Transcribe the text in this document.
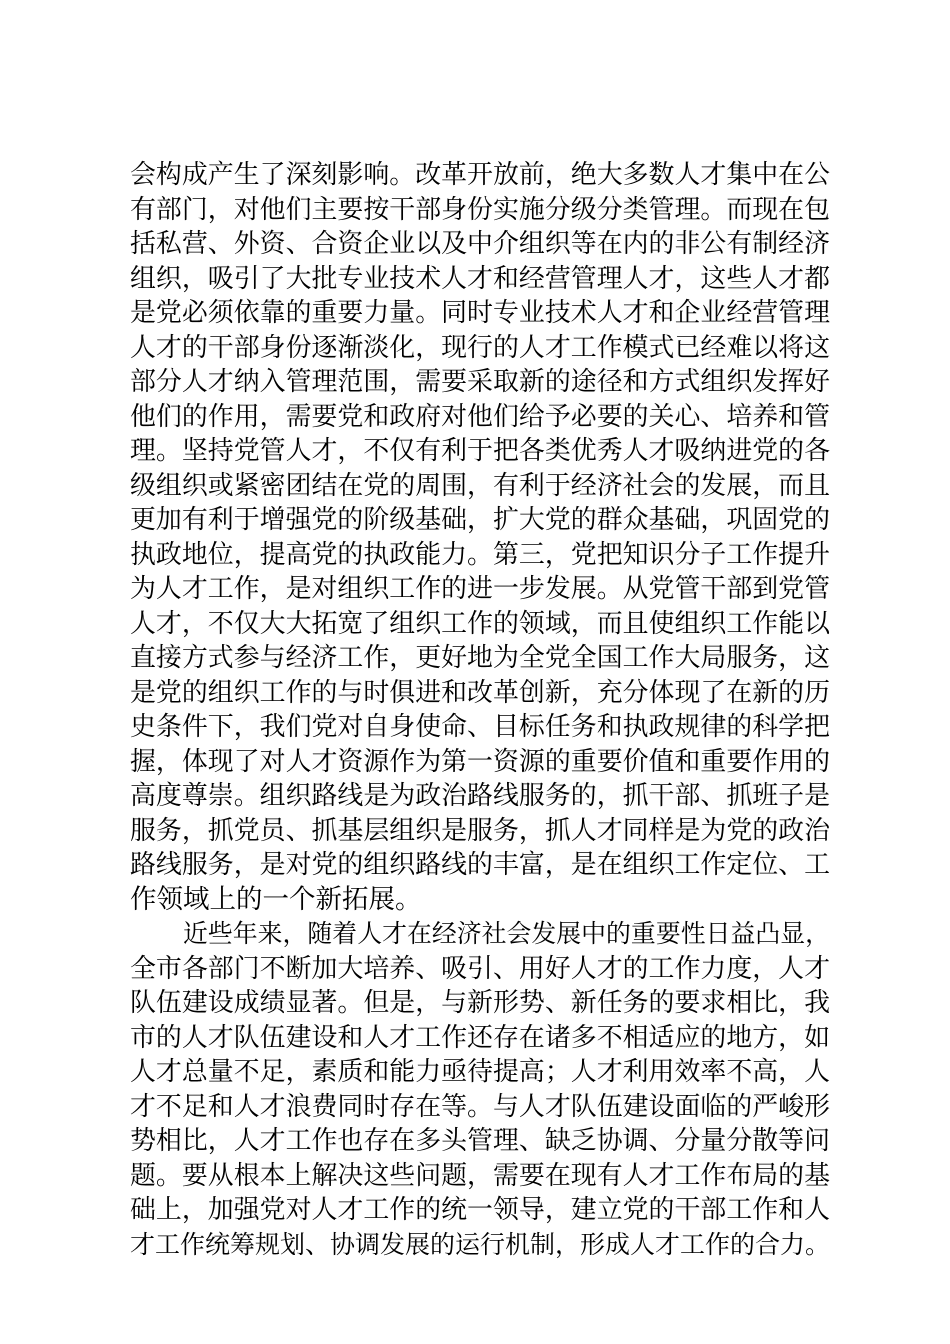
会构成产生了深刻影响。改革开放前，绝大多数人才集中在公
有部门，对他们主要按干部身份实施分级分类管理。而现在包
括私营、外资、合资企业以及中介组织等在内的非公有制经济
组织，吸引了大批专业技术人才和经营管理人才，这些人才都
是党必须依靠的重要力量。同时专业技术人才和企业经营管理
人才的干部身份逐渐淡化，现行的人才工作模式已经难以将这
部分人才纳入管理范围，需要采取新的途径和方式组织发挥好
他们的作用，需要党和政府对他们给予必要的关心、培养和管
理。坚持党管人才，不仅有利于把各类优秀人才吸纳进党的各
级组织或紧密团结在党的周围，有利于经济社会的发展，而且
更加有利于增强党的阶级基础，扩大党的群众基础，巩固党的
执政地位，提高党的执政能力。第三，党把知识分子工作提升
为人才工作，是对组织工作的进一步发展。从党管干部到党管
人才，不仅大大拓宽了组织工作的领域，而且使组织工作能以
直接方式参与经济工作，更好地为全党全国工作大局服务，这
是党的组织工作的与时俱进和改革创新，充分体现了在新的历
史条件下，我们党对自身使命、目标任务和执政规律的科学把
握，体现了对人才资源作为第一资源的重要价值和重要作用的
高度尊崇。组织路线是为政治路线服务的，抓干部、抓班子是
服务，抓党员、抓基层组织是服务，抓人才同样是为党的政治
路线服务，是对党的组织路线的丰富，是在组织工作定位、工
作领域上的一个新拓展。
近些年来，随着人才在经济社会发展中的重要性日益凸显，
全市各部门不断加大培养、吸引、用好人才的工作力度，人才
队伍建设成绩显著。但是，与新形势、新任务的要求相比，我
市的人才队伍建设和人才工作还存在诸多不相适应的地方，如
人才总量不足，素质和能力亟待提高；人才利用效率不高，人
才不足和人才浪费同时存在等。与人才队伍建设面临的严峻形
势相比，人才工作也存在多头管理、缺乏协调、分量分散等问
题。要从根本上解决这些问题，需要在现有人才工作布局的基
础上，加强党对人才工作的统一领导，建立党的干部工作和人
才工作统筹规划、协调发展的运行机制，形成人才工作的合力。
